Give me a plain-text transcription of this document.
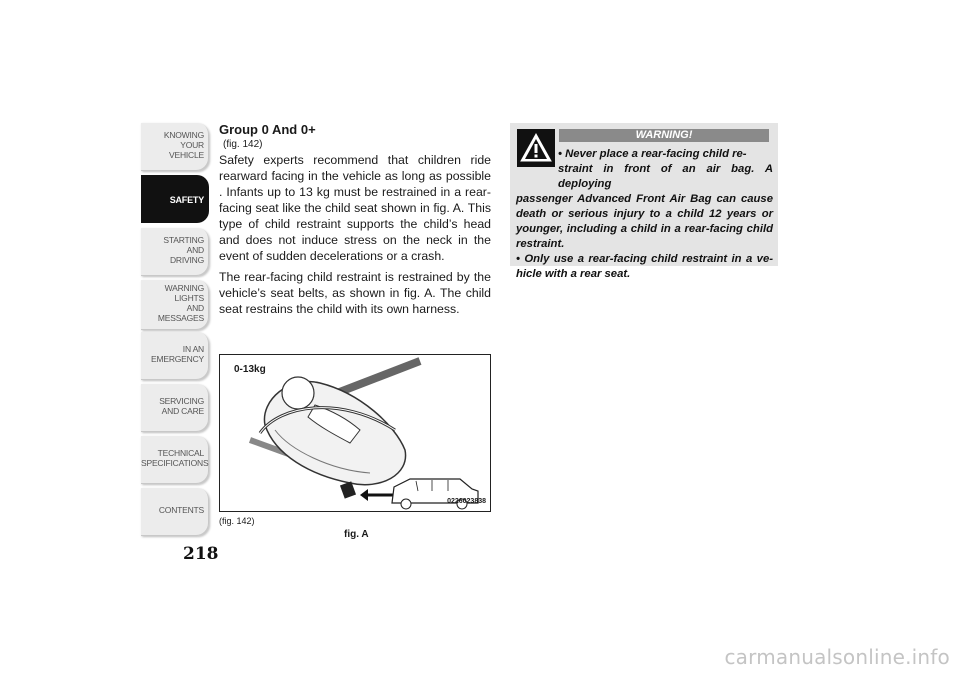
KNOWING
YOUR
VEHICLE
SAFETY
STARTING
AND
DRIVING
WARNING
LIGHTS
AND
MESSAGES
IN AN
EMERGENCY
SERVICING
AND CARE
TECHNICAL
SPECIFICATIONS
CONTENTS
218
Group 0 And 0+
(fig. 142)

Safety experts recommend that children ride rearward facing in the vehicle as long as possible . Infants up to 13 kg must be restrained in a rear-facing seat like the child seat shown in fig. A. This type of child restraint supports the child’s head and does not induce stress on the neck in the event of sudden decelerations or a crash.

The rear-facing child restraint is restrained by the vehicle’s seat belts, as shown in fig. A. The child seat restrains the child with its own harness.

0-13kg
0226023838
(fig. 142)
fig. A
WARNING!

• Never place a rear-facing child re-

straint in front of an air bag. A deploying

passenger Advanced Front Air Bag can cause death or serious injury to a child 12 years or younger, including a child in a rear-facing child restraint.

• Only use a rear-facing child restraint in a ve-hicle with a rear seat.

carmanualsonline.info
